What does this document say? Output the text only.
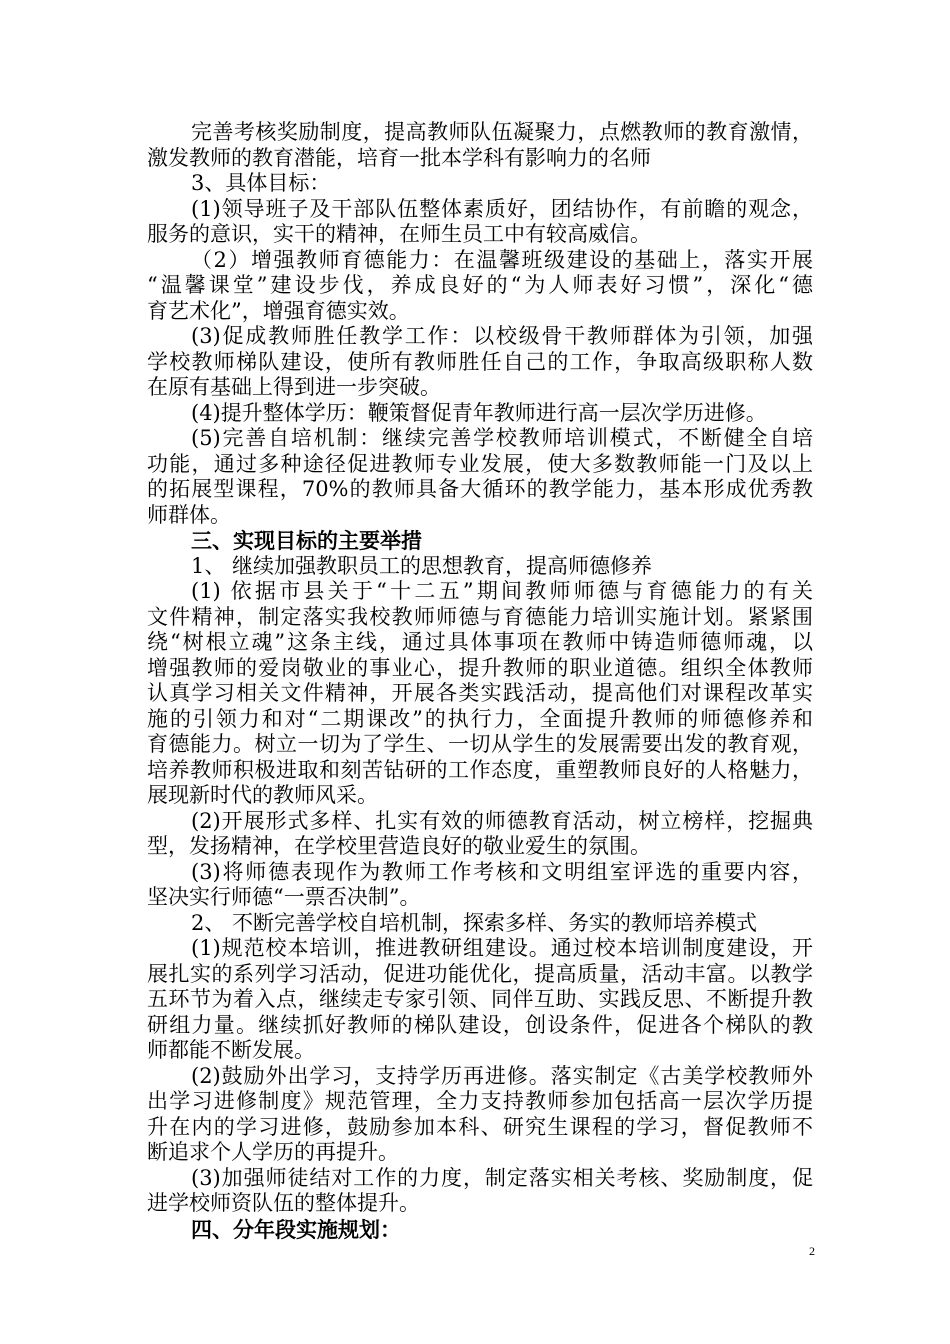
完善考核奖励制度，提高教师队伍凝聚力，点燃教师的教育激情，
激发教师的教育潜能，培育一批本学科有影响力的名师
3、具体目标：
(1)领导班子及干部队伍整体素质好，团结协作，有前瞻的观念，
服务的意识，实干的精神，在师生员工中有较高威信。
（2）增强教师育德能力：在温馨班级建设的基础上，落实开展
“温馨课堂”建设步伐，养成良好的“为人师表好习惯”，深化“德
育艺术化”，增强育德实效。
(3)促成教师胜任教学工作：以校级骨干教师群体为引领，加强
学校教师梯队建设，使所有教师胜任自己的工作，争取高级职称人数
在原有基础上得到进一步突破。
(4)提升整体学历：鞭策督促青年教师进行高一层次学历进修。
(5)完善自培机制：继续完善学校教师培训模式，不断健全自培
功能，通过多种途径促进教师专业发展，使大多数教师能一门及以上
的拓展型课程，70%的教师具备大循环的教学能力，基本形成优秀教
师群体。
三、实现目标的主要举措
1、 继续加强教职员工的思想教育，提高师德修养
(1) 依据市县关于“十二五”期间教师师德与育德能力的有关
文件精神，制定落实我校教师师德与育德能力培训实施计划。紧紧围
绕“树根立魂”这条主线，通过具体事项在教师中铸造师德师魂，以
增强教师的爱岗敬业的事业心，提升教师的职业道德。组织全体教师
认真学习相关文件精神，开展各类实践活动，提高他们对课程改革实
施的引领力和对“二期课改”的执行力，全面提升教师的师德修养和
育德能力。树立一切为了学生、一切从学生的发展需要出发的教育观，
培养教师积极进取和刻苦钻研的工作态度，重塑教师良好的人格魅力，
展现新时代的教师风采。
(2)开展形式多样、扎实有效的师德教育活动，树立榜样，挖掘典
型，发扬精神，在学校里营造良好的敬业爱生的氛围。
(3)将师德表现作为教师工作考核和文明组室评选的重要内容，
坚决实行师德“一票否决制”。
2、 不断完善学校自培机制，探索多样、务实的教师培养模式
(1)规范校本培训，推进教研组建设。通过校本培训制度建设，开
展扎实的系列学习活动，促进功能优化，提高质量，活动丰富。以教学
五环节为着入点，继续走专家引领、同伴互助、实践反思、不断提升教
研组力量。继续抓好教师的梯队建设，创设条件，促进各个梯队的教
师都能不断发展。
(2)鼓励外出学习，支持学历再进修。落实制定《古美学校教师外
出学习进修制度》规范管理，全力支持教师参加包括高一层次学历提
升在内的学习进修，鼓励参加本科、研究生课程的学习，督促教师不
断追求个人学历的再提升。
(3)加强师徒结对工作的力度，制定落实相关考核、奖励制度，促
进学校师资队伍的整体提升。
四、分年段实施规划：
2
